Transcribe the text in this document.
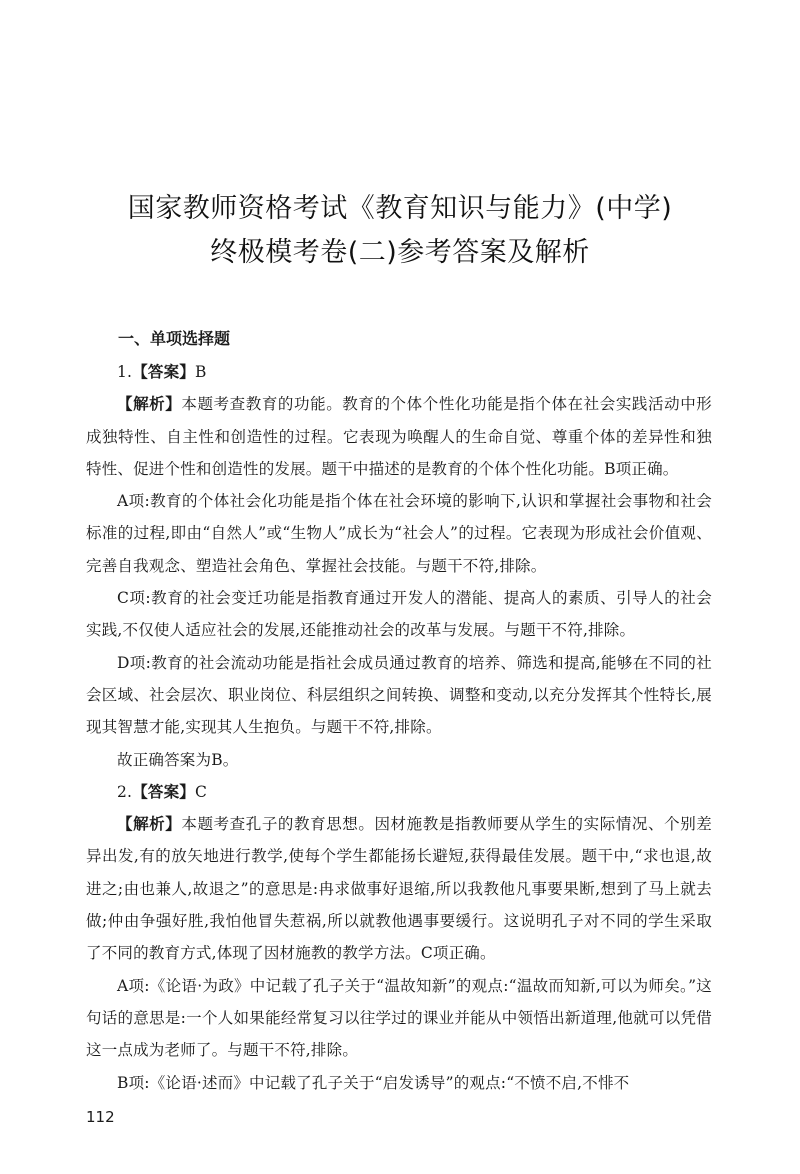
国家教师资格考试《教育知识与能力》(中学)
终极模考卷(二)参考答案及解析
一、单项选择题

1.【答案】B

【解析】本题考查教育的功能。教育的个体个性化功能是指个体在社会实践活动中形成独特性、自主性和创造性的过程。它表现为唤醒人的生命自觉、尊重个体的差异性和独特性、促进个性和创造性的发展。题干中描述的是教育的个体个性化功能。B项正确。

A项:教育的个体社会化功能是指个体在社会环境的影响下,认识和掌握社会事物和社会标准的过程,即由“自然人”或“生物人”成长为“社会人”的过程。它表现为形成社会价值观、完善自我观念、塑造社会角色、掌握社会技能。与题干不符,排除。

C项:教育的社会变迁功能是指教育通过开发人的潜能、提高人的素质、引导人的社会实践,不仅使人适应社会的发展,还能推动社会的改革与发展。与题干不符,排除。

D项:教育的社会流动功能是指社会成员通过教育的培养、筛选和提高,能够在不同的社会区域、社会层次、职业岗位、科层组织之间转换、调整和变动,以充分发挥其个性特长,展现其智慧才能,实现其人生抱负。与题干不符,排除。

故正确答案为B。

2.【答案】C

【解析】本题考查孔子的教育思想。因材施教是指教师要从学生的实际情况、个别差异出发,有的放矢地进行教学,使每个学生都能扬长避短,获得最佳发展。题干中,“求也退,故进之;由也兼人,故退之”的意思是:冉求做事好退缩,所以我教他凡事要果断,想到了马上就去做;仲由争强好胜,我怕他冒失惹祸,所以就教他遇事要缓行。这说明孔子对不同的学生采取了不同的教育方式,体现了因材施教的教学方法。C项正确。

A项:《论语·为政》中记载了孔子关于“温故知新”的观点:“温故而知新,可以为师矣。”这句话的意思是:一个人如果能经常复习以往学过的课业并能从中领悟出新道理,他就可以凭借这一点成为老师了。与题干不符,排除。

B项:《论语·述而》中记载了孔子关于“启发诱导”的观点:“不愤不启,不悱不

112
